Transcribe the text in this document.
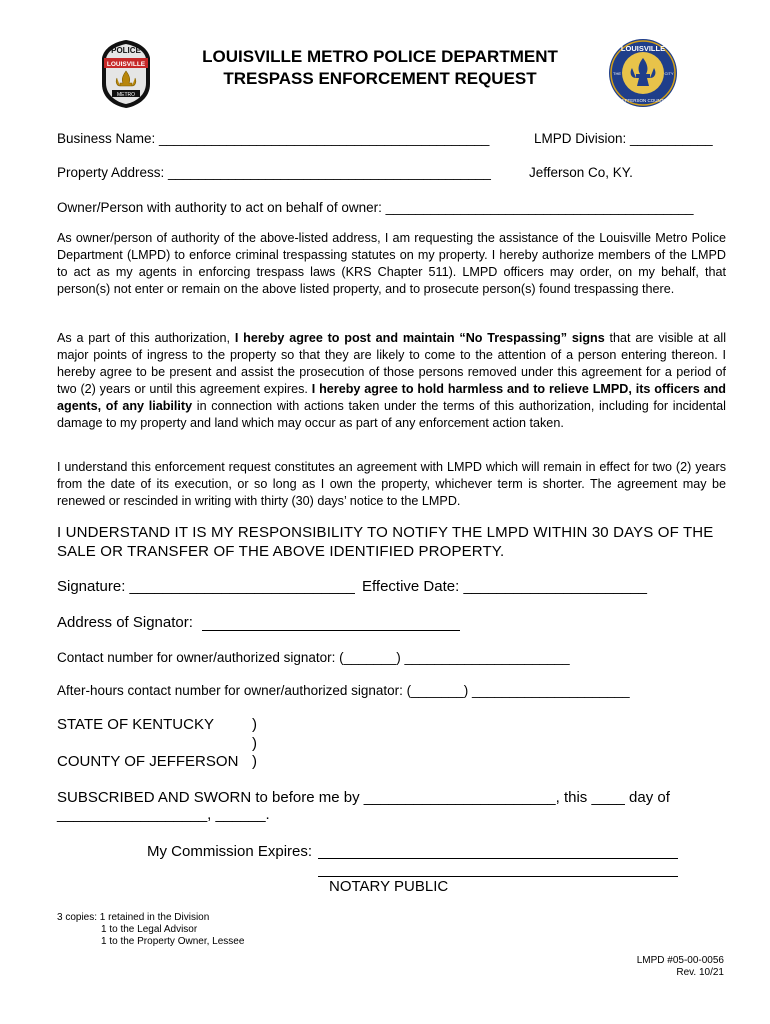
POLICE
LOUISVILLE
METRO
LOUISVILLE METRO POLICE DEPARTMENT
TRESPASS ENFORCEMENT REQUEST
LOUISVILLE
JEFFERSON COUNTY
THE	CITY
Business Name: ____________________________________________	LMPD Division: ___________
Property Address: ___________________________________________	Jefferson Co, KY.
Owner/Person with authority to act on behalf of owner: _________________________________________
As owner/person of authority of the above-listed address, I am requesting the assistance of the Louisville Metro Police Department (LMPD) to enforce criminal trespassing statutes on my property. I hereby authorize members of the LMPD to act as my agents in enforcing trespass laws (KRS Chapter 511). LMPD officers may order, on my behalf, that person(s) not enter or remain on the above listed property, and to prosecute person(s) found trespassing there.
As a part of this authorization, I hereby agree to post and maintain “No Trespassing” signs that are visible at all major points of ingress to the property so that they are likely to come to the attention of a person entering thereon. I hereby agree to be present and assist the prosecution of those persons removed under this agreement for a period of two (2) years or until this agreement expires. I hereby agree to hold harmless and to relieve LMPD, its officers and agents, of any liability in connection with actions taken under the terms of this authorization, including for incidental damage to my property and land which may occur as part of any enforcement action taken.
I understand this enforcement request constitutes an agreement with LMPD which will remain in effect for two (2) years from the date of its execution, or so long as I own the property, whichever term is shorter. The agreement may be renewed or rescinded in writing with thirty (30) days’ notice to the LMPD.
I UNDERSTAND IT IS MY RESPONSIBILITY TO NOTIFY THE LMPD WITHIN 30 DAYS OF THE SALE OR TRANSFER OF THE ABOVE IDENTIFIED PROPERTY.
Signature: ___________________________ Effective Date: ______________________
Address of Signator:
Contact number for owner/authorized signator: (_______) ______________________
After-hours contact number for owner/authorized signator: (_______) _____________________
STATE OF KENTUCKY	)
)
COUNTY OF JEFFERSON )
SUBSCRIBED AND SWORN to before me by _______________________, this ____ day of
__________________, ______.
My Commission Expires:
NOTARY PUBLIC
3 copies: 1 retained in the Division
1 to the Legal Advisor
1 to the Property Owner, Lessee
LMPD #05-00-0056
Rev. 10/21
